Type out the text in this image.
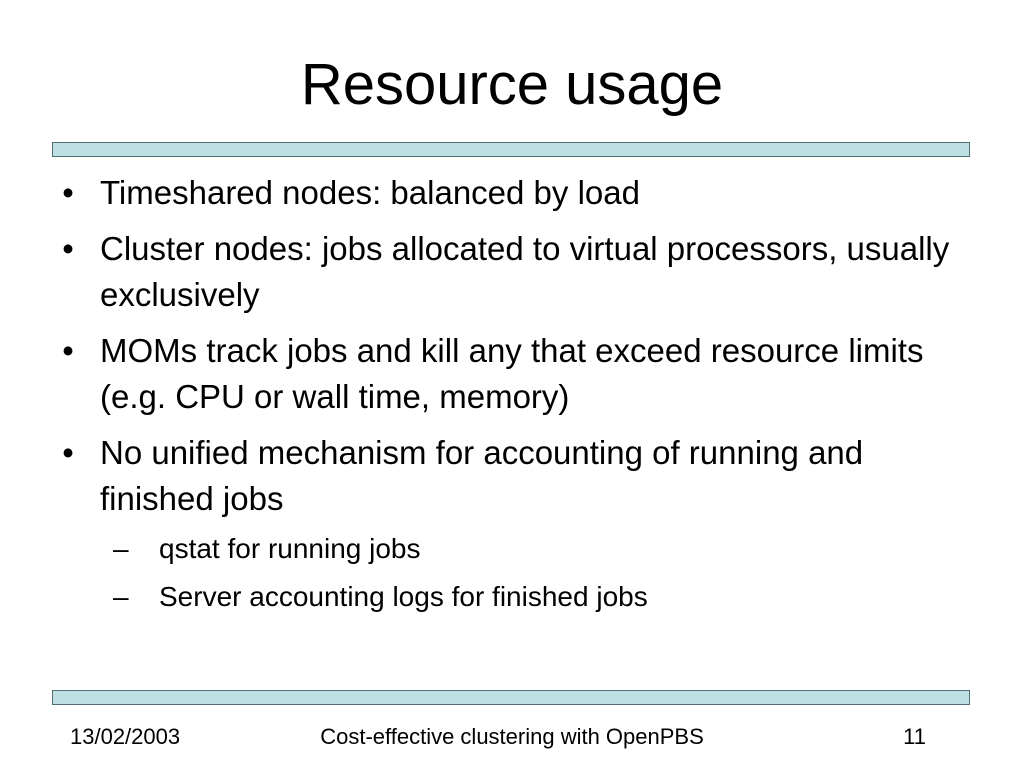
Resource usage
• Timeshared nodes: balanced by load
• Cluster nodes: jobs allocated to virtual processors, usually exclusively
• MOMs track jobs and kill any that exceed resource limits (e.g. CPU or wall time, memory)
• No unified mechanism for accounting of running and finished jobs
– qstat for running jobs
– Server accounting logs for finished jobs
Cost-effective clustering with OpenPBS
13/02/2003	11
